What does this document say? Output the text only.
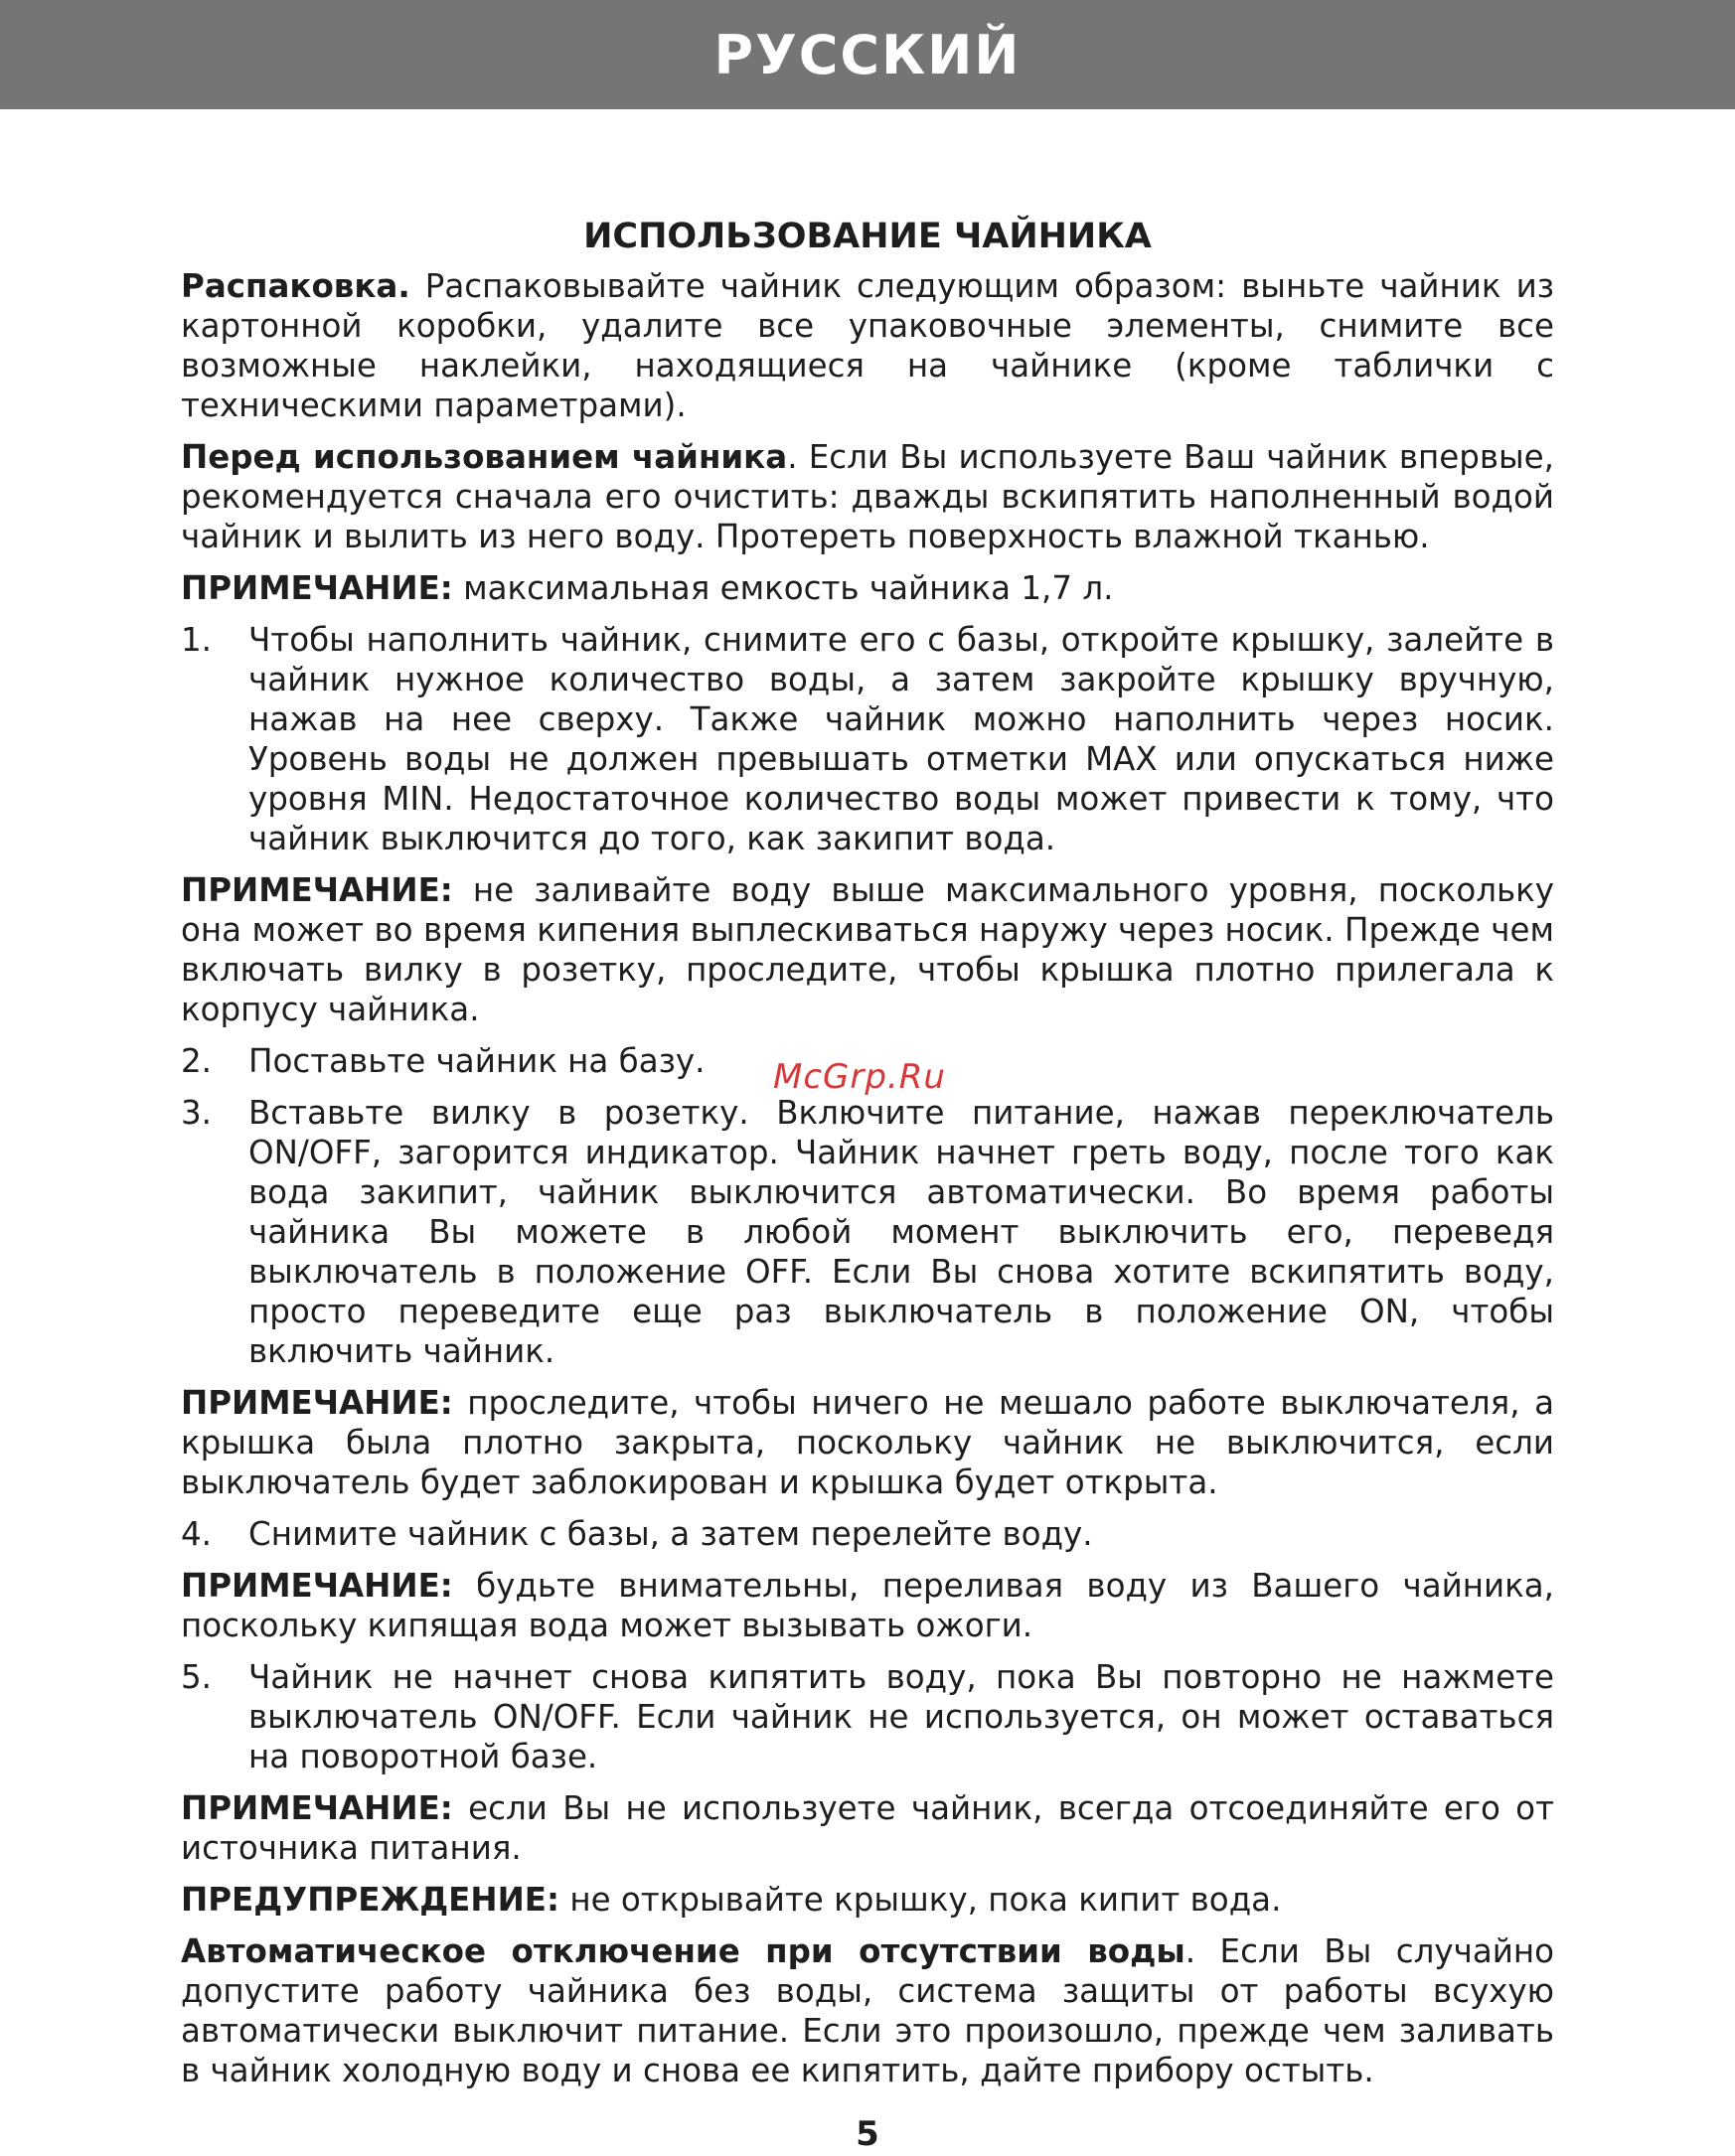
РУССКИЙ
ИСПОЛЬЗОВАНИЕ ЧАЙНИКА

Распаковка. Распаковывайте чайник следующим образом: выньте чайник из картонной коробки, удалите все упаковочные элементы, снимите все возможные наклейки, находящиеся на чайнике (кроме таблички с техническими параметрами).

Перед использованием чайника. Если Вы используете Ваш чайник впервые, рекомендуется сначала его очистить: дважды вскипятить наполненный водой чайник и вылить из него воду. Протереть поверхность влажной тканью.

ПРИМЕЧАНИЕ: максимальная емкость чайника 1,7 л.

1.	Чтобы наполнить чайник, снимите его с базы, откройте крышку, залейте в чайник нужное количество воды, а затем закройте крышку вручную, нажав на нее сверху. Также чайник можно наполнить через носик. Уровень воды не должен превышать отметки MAX или опускаться ниже уровня MIN. Недостаточное количество воды может привести к тому, что чайник выключится до того, как закипит вода.

ПРИМЕЧАНИЕ: не заливайте воду выше максимального уровня, поскольку она может во время кипения выплескиваться наружу через носик. Прежде чем включать вилку в розетку, проследите, чтобы крышка плотно прилегала к корпусу чайника.

2.	Поставьте чайник на базу.
3.	Вставьте вилку в розетку. Включите питание, нажав переключатель ON/OFF, загорится индикатор. Чайник начнет греть воду, после того как вода закипит, чайник выключится автоматически. Во время работы чайника Вы можете в любой момент выключить его, переведя выключатель в положение OFF. Если Вы снова хотите вскипятить воду, просто переведите еще раз выключатель в положение ON, чтобы включить чайник.

ПРИМЕЧАНИЕ: проследите, чтобы ничего не мешало работе выключателя, а крышка была плотно закрыта, поскольку чайник не выключится, если выключатель будет заблокирован и крышка будет открыта.

4.	Снимите чайник с базы, а затем перелейте воду.

ПРИМЕЧАНИЕ: будьте внимательны, переливая воду из Вашего чайника, поскольку кипящая вода может вызывать ожоги.

5.	Чайник не начнет снова кипятить воду, пока Вы повторно не нажмете выключатель ON/OFF. Если чайник не используется, он может оставаться на поворотной базе.

ПРИМЕЧАНИЕ: если Вы не используете чайник, всегда отсоединяйте его от источника питания.

ПРЕДУПРЕЖДЕНИЕ: не открывайте крышку, пока кипит вода.

Автоматическое отключение при отсутствии воды. Если Вы случайно допустите работу чайника без воды, система защиты от работы всухую автоматически выключит питание. Если это произошло, прежде чем заливать в чайник холодную воду и снова ее кипятить, дайте прибору остыть.

McGrp.Ru
5
